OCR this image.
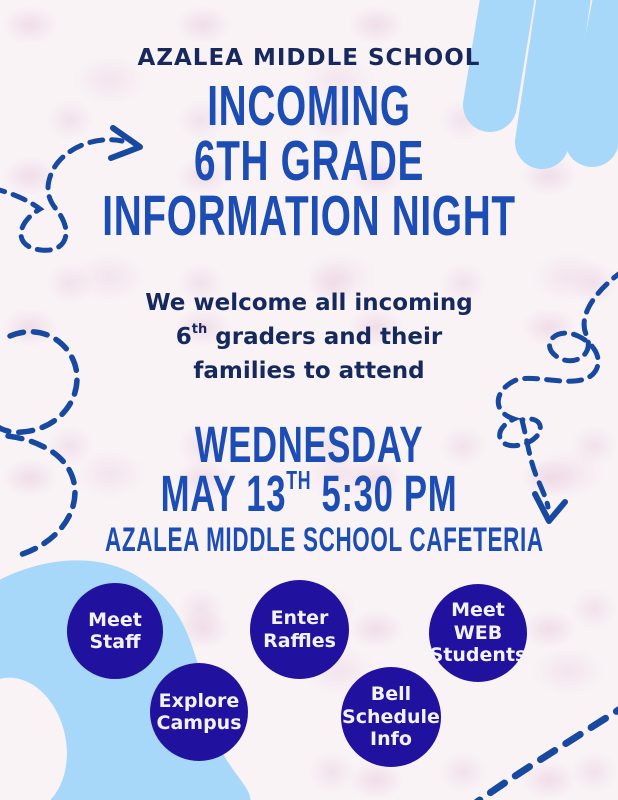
AZALEA MIDDLE SCHOOL
INCOMING
6TH GRADE
INFORMATION NIGHT
We welcome all incoming
6th graders and their
families to attend
WEDNESDAY
MAY 13TH 5:30 PM
AZALEA MIDDLE SCHOOL CAFETERIA
Meet
Staff
Explore
Campus
Enter
Raffles
Bell
Schedule
Info
Meet
WEB
Students
